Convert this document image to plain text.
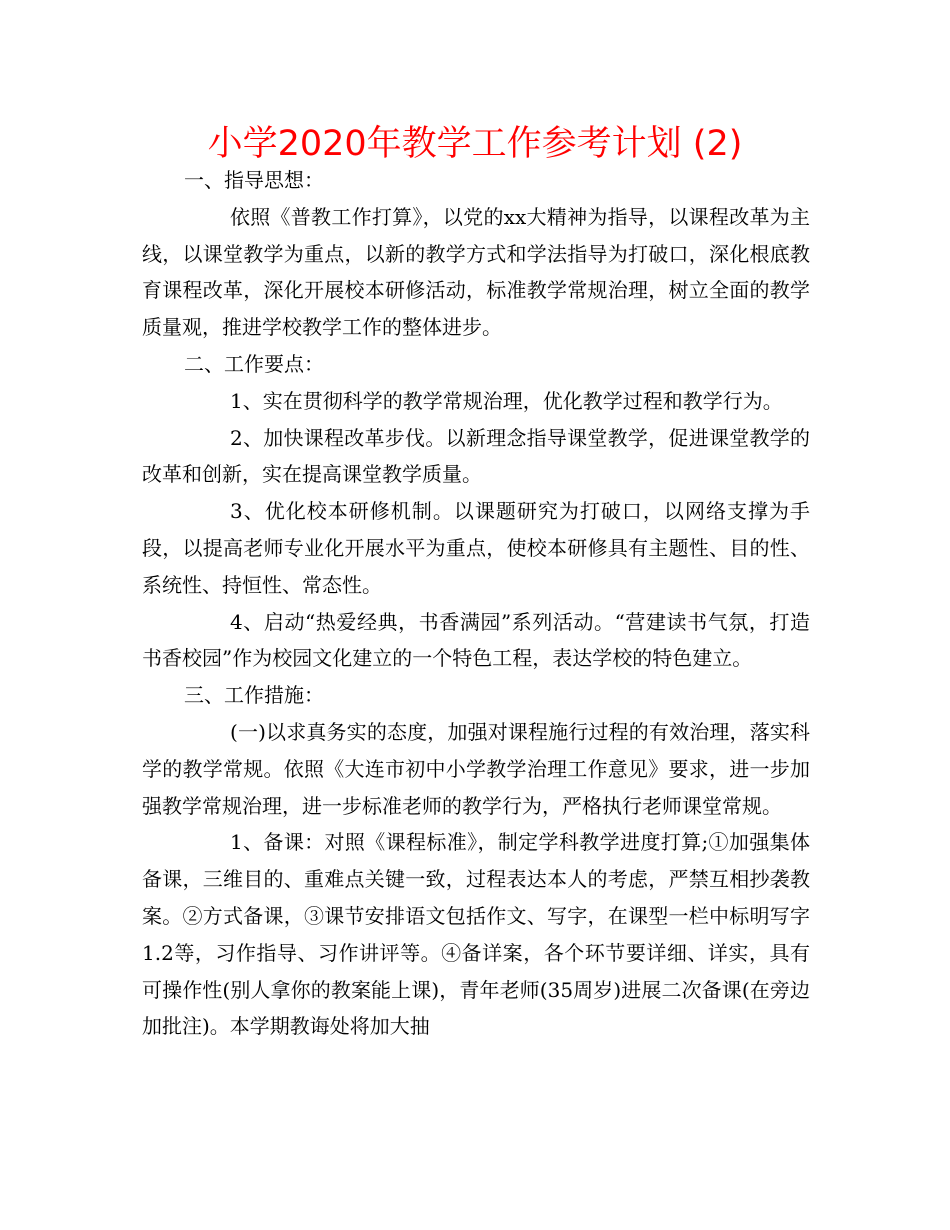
小学2020年教学工作参考计划 (2)

一、指导思想：

依照《普教工作打算》，以党的xx大精神为指导，以课程改革为主线，以课堂教学为重点，以新的教学方式和学法指导为打破口，深化根底教育课程改革，深化开展校本研修活动，标准教学常规治理，树立全面的教学质量观，推进学校教学工作的整体进步。

二、工作要点：

1、实在贯彻科学的教学常规治理，优化教学过程和教学行为。

2、加快课程改革步伐。以新理念指导课堂教学，促进课堂教学的改革和创新，实在提高课堂教学质量。

3、优化校本研修机制。以课题研究为打破口，以网络支撑为手段，以提高老师专业化开展水平为重点，使校本研修具有主题性、目的性、系统性、持恒性、常态性。

4、启动“热爱经典，书香满园”系列活动。“营建读书气氛，打造书香校园”作为校园文化建立的一个特色工程，表达学校的特色建立。

三、工作措施：

(一)以求真务实的态度，加强对课程施行过程的有效治理，落实科学的教学常规。依照《大连市初中小学教学治理工作意见》要求，进一步加强教学常规治理，进一步标准老师的教学行为，严格执行老师课堂常规。

1、备课：对照《课程标准》，制定学科教学进度打算;①加强集体备课，三维目的、重难点关键一致，过程表达本人的考虑，严禁互相抄袭教案。②方式备课，③课节安排语文包括作文、写字，在课型一栏中标明写字1.2等，习作指导、习作讲评等。④备详案，各个环节要详细、详实，具有可操作性(别人拿你的教案能上课)，青年老师(35周岁)进展二次备课(在旁边加批注)。本学期教诲处将加大抽
